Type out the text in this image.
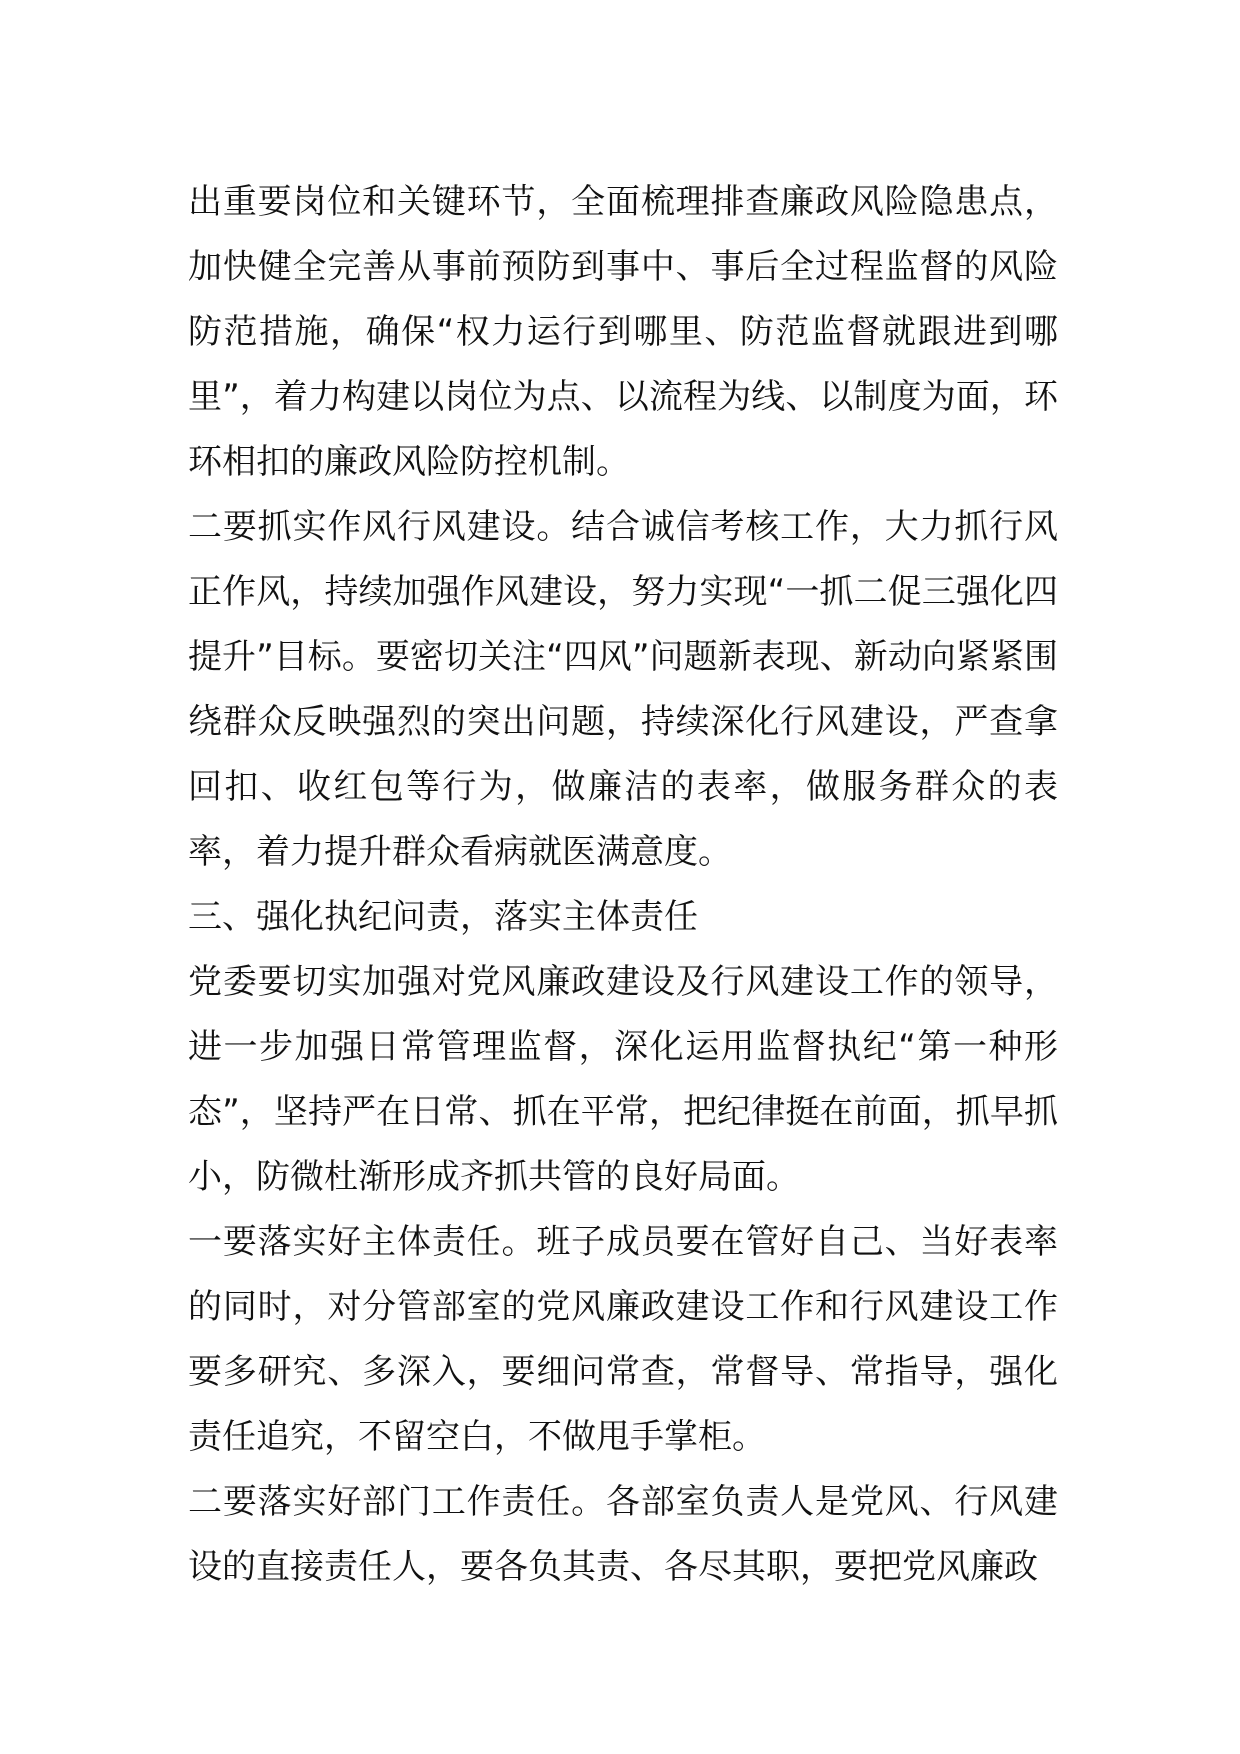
出重要岗位和关键环节，全面梳理排查廉政风险隐患点，加快健全完善从事前预防到事中、事后全过程监督的风险防范措施，确保“权力运行到哪里、防范监督就跟进到哪里”，着力构建以岗位为点、以流程为线、以制度为面，环环相扣的廉政风险防控机制。

二要抓实作风行风建设。结合诚信考核工作，大力抓行风正作风，持续加强作风建设，努力实现“一抓二促三强化四提升”目标。要密切关注“四风”问题新表现、新动向紧紧围绕群众反映强烈的突出问题，持续深化行风建设，严查拿回扣、收红包等行为，做廉洁的表率，做服务群众的表率，着力提升群众看病就医满意度。

三、强化执纪问责，落实主体责任

党委要切实加强对党风廉政建设及行风建设工作的领导，进一步加强日常管理监督，深化运用监督执纪“第一种形态”，坚持严在日常、抓在平常，把纪律挺在前面，抓早抓小，防微杜渐形成齐抓共管的良好局面。

一要落实好主体责任。班子成员要在管好自己、当好表率的同时，对分管部室的党风廉政建设工作和行风建设工作要多研究、多深入，要细问常查，常督导、常指导，强化责任追究，不留空白，不做甩手掌柜。

二要落实好部门工作责任。各部室负责人是党风、行风建设的直接责任人，要各负其责、各尽其职，要把党风廉政
